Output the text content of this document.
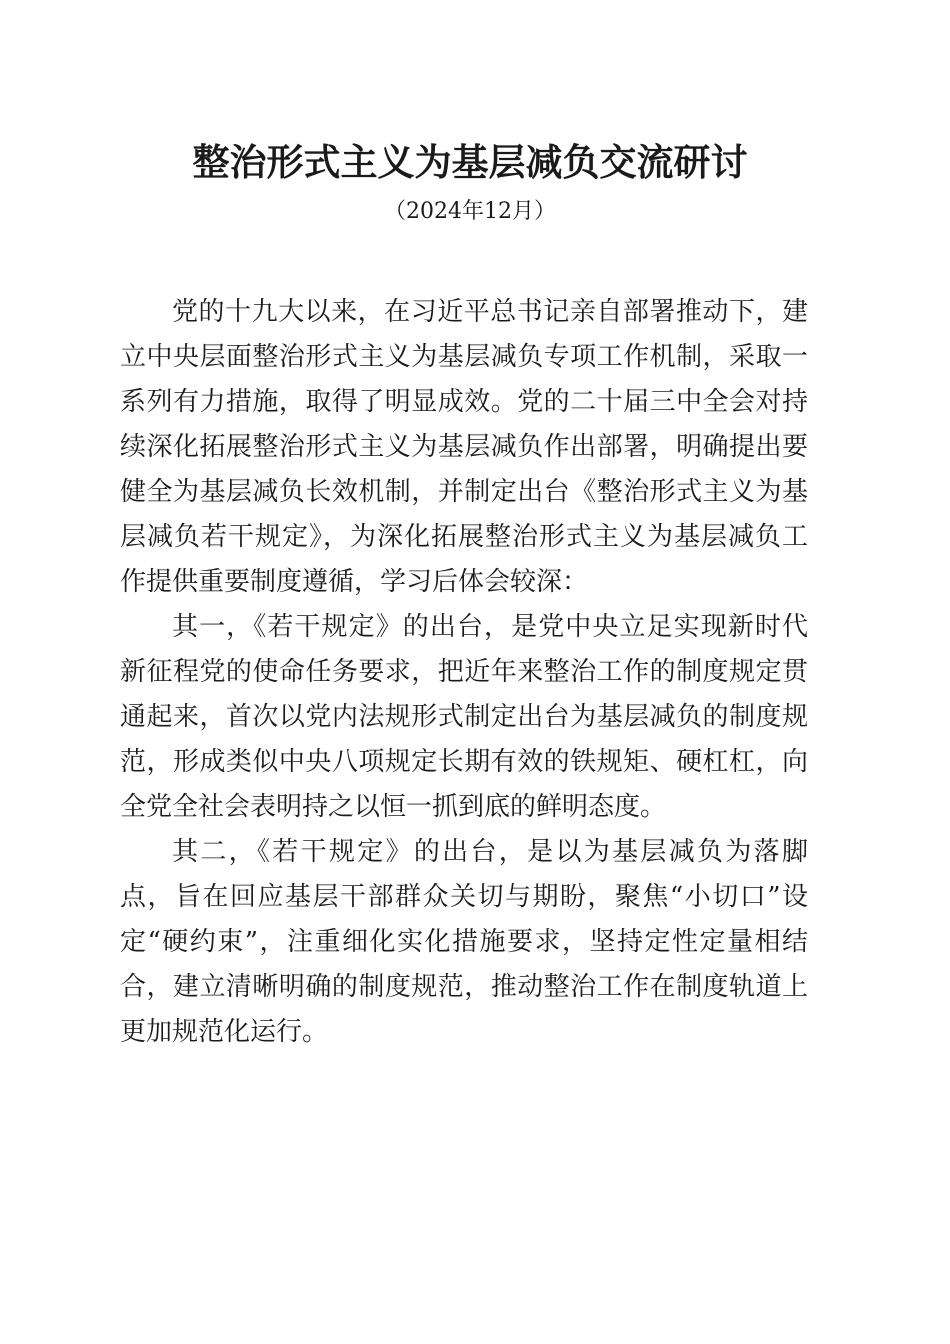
整治形式主义为基层减负交流研讨
（2024年12月）

党的十九大以来，在习近平总书记亲自部署推动下，建立中央层面整治形式主义为基层减负专项工作机制，采取一系列有力措施，取得了明显成效。党的二十届三中全会对持续深化拓展整治形式主义为基层减负作出部署，明确提出要健全为基层减负长效机制，并制定出台《整治形式主义为基层减负若干规定》，为深化拓展整治形式主义为基层减负工作提供重要制度遵循，学习后体会较深：

其一，《若干规定》的出台，是党中央立足实现新时代新征程党的使命任务要求，把近年来整治工作的制度规定贯通起来，首次以党内法规形式制定出台为基层减负的制度规范，形成类似中央八项规定长期有效的铁规矩、硬杠杠，向全党全社会表明持之以恒一抓到底的鲜明态度。

其二，《若干规定》的出台，是以为基层减负为落脚点，旨在回应基层干部群众关切与期盼，聚焦“小切口”设定“硬约束”，注重细化实化措施要求，坚持定性定量相结合，建立清晰明确的制度规范，推动整治工作在制度轨道上更加规范化运行。
